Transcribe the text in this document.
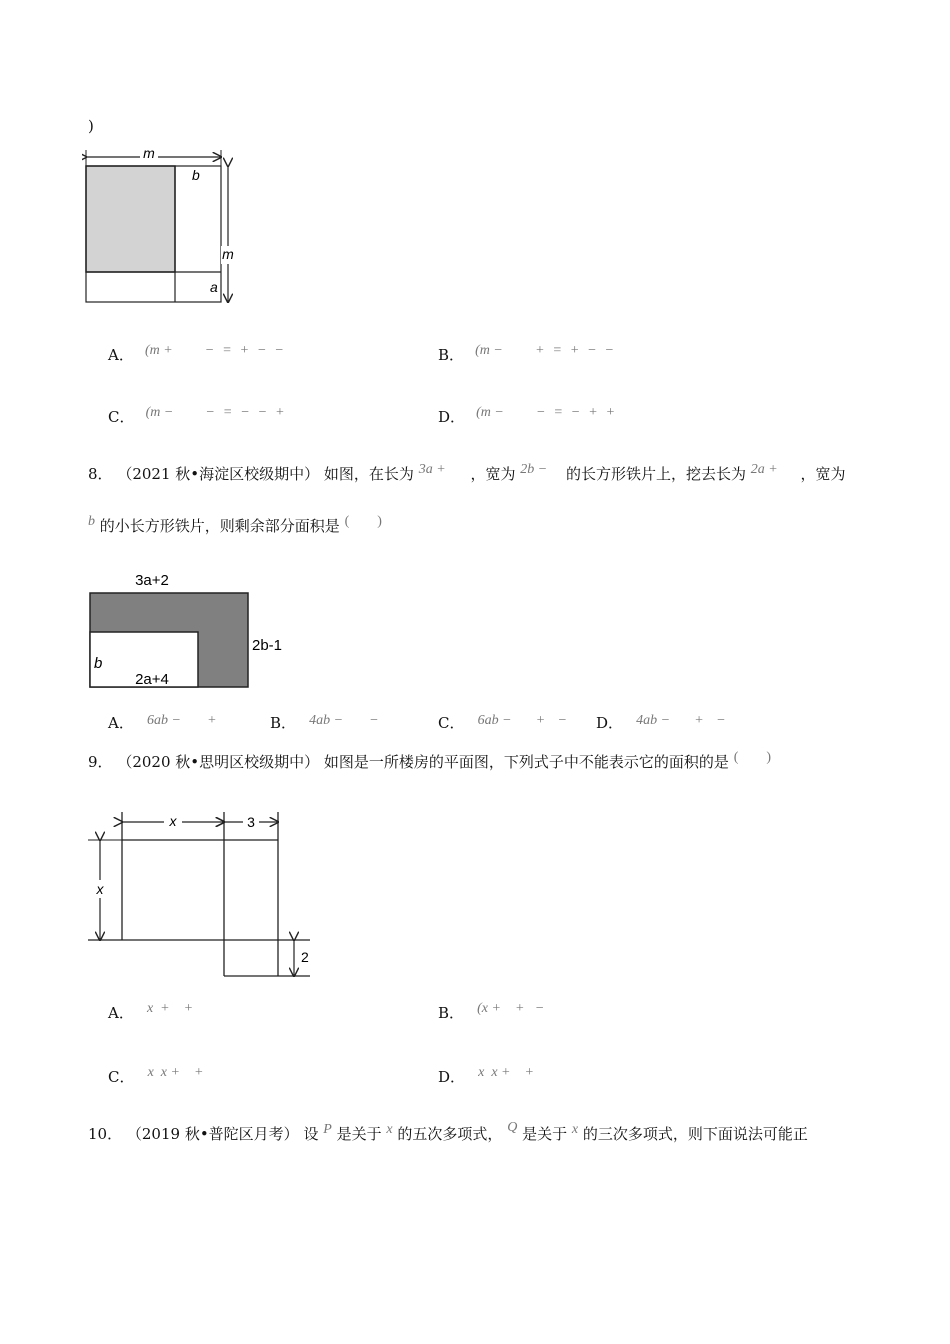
)
m
m
b
a
A． (m + − = + − −	B． (m − + = + − −
C． (m − − = − − +	D． (m − − = − + +
8． （2021 秋•海淀区校级期中） 如图，在长为 3a + ，宽为 2b − 的长方形铁片上，挖去长为 2a + ，宽为
b 的小长方形铁片，则剩余部分面积是 (        )
3a+2
2b-1
b
2a+4
A． 6ab − +	B． 4ab − −	C． 6ab − +    − D． 4ab − +    −
9． （2020 秋•思明区校级期中） 如图是一所楼房的平面图，下列式子中不能表示它的面积的是 (        )
x	3
x
2
A． x  +    +	B． (x +    +   −
C． x  x +    +	D． x  x +    +
10． （2019 秋•普陀区月考） 设 P 是关于 x 的五次多项式， Q 是关于 x 的三次多项式，则下面说法可能正
